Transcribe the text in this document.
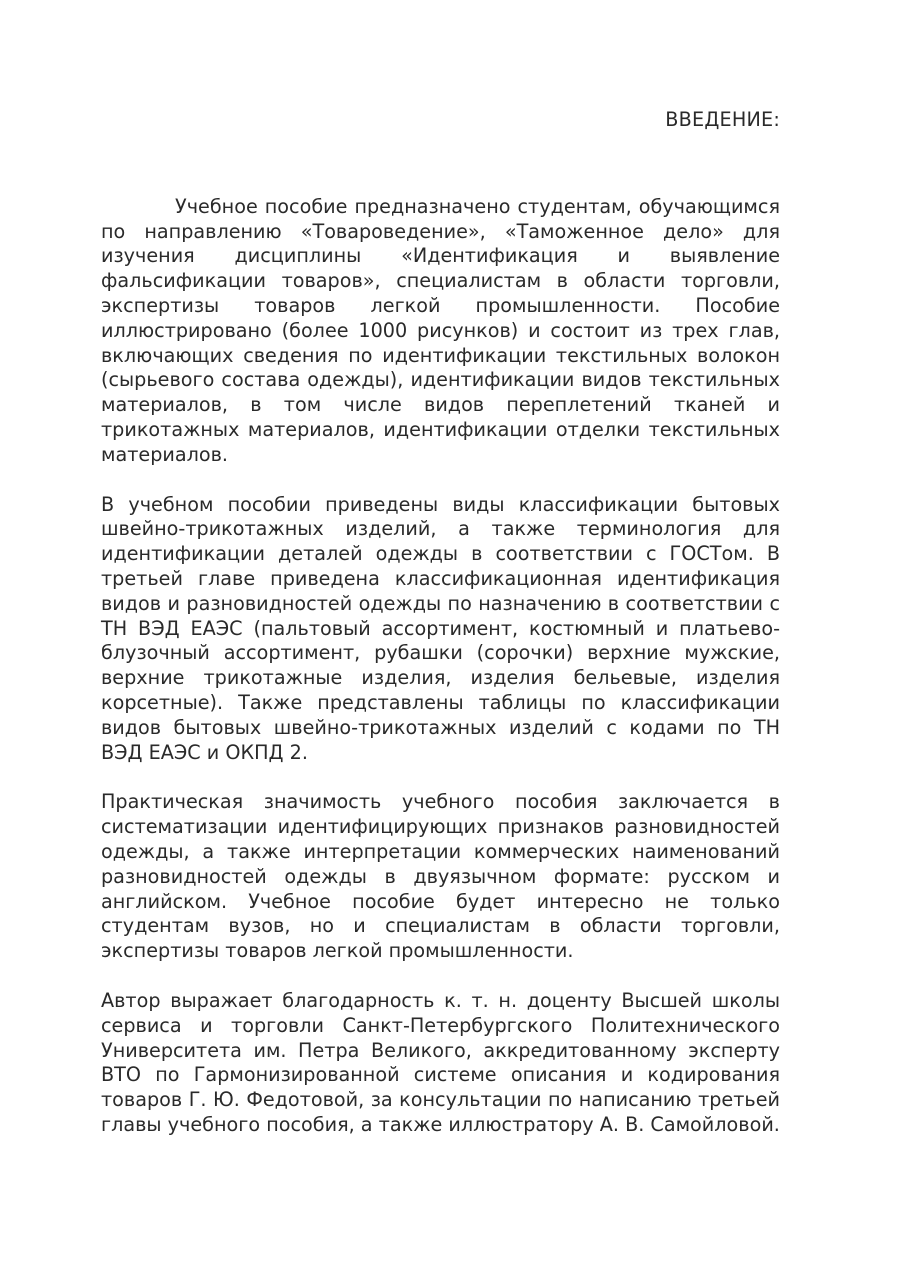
ВВЕДЕНИЕ:

Учебное пособие предназначено студентам, обучающимся по направлению «Товароведение», «Таможенное дело» для изучения дисциплины «Идентификация и выявление фальсификации товаров», специалистам в области торговли, экспертизы товаров легкой промышленности. Пособие иллюстрировано (более 1000 рисунков) и состоит из трех глав, включающих сведения по идентификации текстильных волокон (сырьевого состава одежды), идентификации видов текстильных материалов, в том числе видов переплетений тканей и трикотажных материалов, идентификации отделки текстильных материалов.

В учебном пособии приведены виды классификации бытовых швейно-трикотажных изделий, а также терминология для идентификации деталей одежды в соответствии с ГОСТом. В третьей главе приведена классификационная идентификация видов и разновидностей одежды по назначению в соответствии с ТН ВЭД ЕАЭС (пальтовый ассортимент, костюмный и платьево-блузочный ассортимент, рубашки (сорочки) верхние мужские, верхние трикотажные изделия, изделия бельевые, изделия корсетные). Также представлены таблицы по классификации видов бытовых швейно-трикотажных изделий с кодами по ТН ВЭД ЕАЭС и ОКПД 2.

Практическая значимость учебного пособия заключается в систематизации идентифицирующих признаков разновидностей одежды, а также интерпретации коммерческих наименований разновидностей одежды в двуязычном формате: русском и английском. Учебное пособие будет интересно не только студентам вузов, но и специалистам в области торговли, экспертизы товаров легкой промышленности.

Автор выражает благодарность к. т. н. доценту Высшей школы сервиса и торговли Санкт-Петербургского Политехнического Университета им. Петра Великого, аккредитованному эксперту ВТО по Гармонизированной системе описания и кодирования товаров Г. Ю. Федотовой, за консультации по написанию третьей главы учебного пособия, а также иллюстратору А. В. Самойловой.
